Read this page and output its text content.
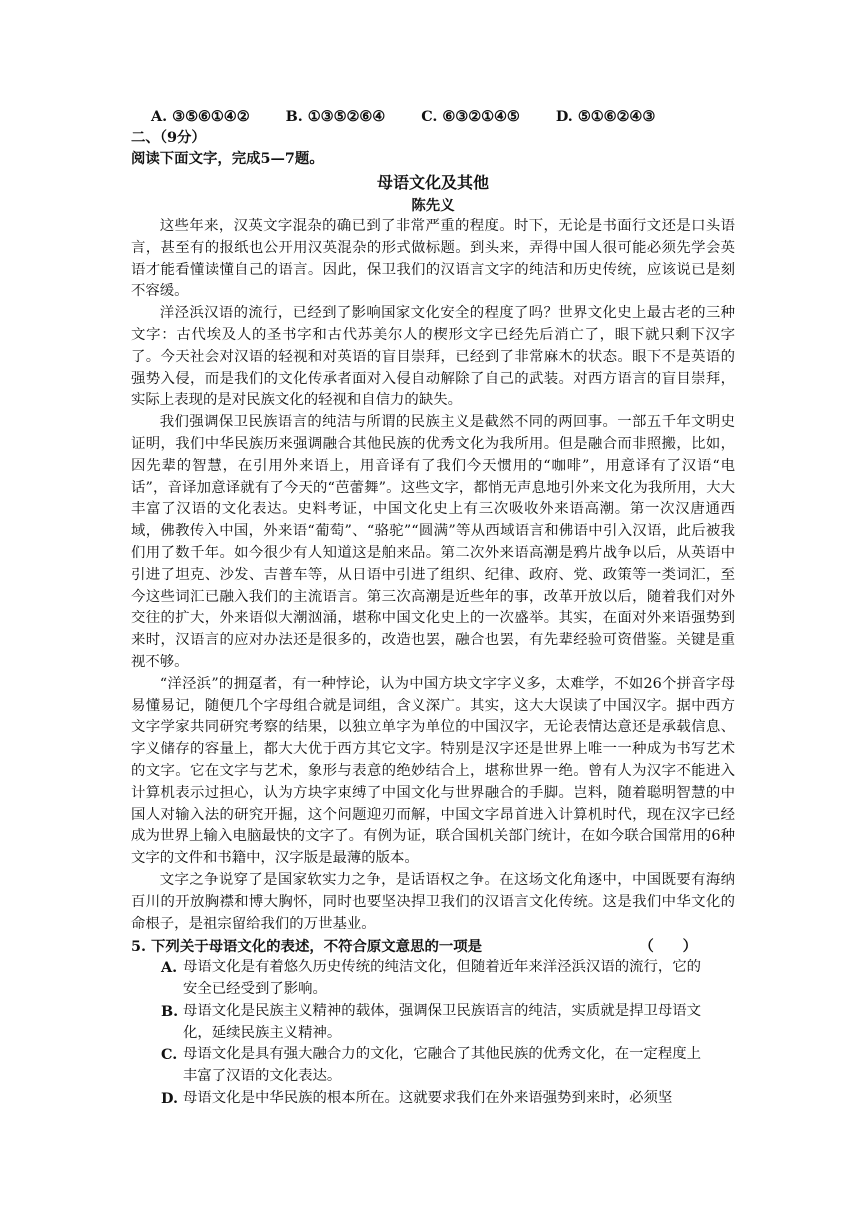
A. ③⑤⑥①④②	B. ①③⑤②⑥④	C. ⑥③②①④⑤	D. ⑤①⑥②④③
二、（9分）
阅读下面文字，完成5—7题。
母语文化及其他
陈先义

这些年来，汉英文字混杂的确已到了非常严重的程度。时下，无论是书面行文还是口头语言，甚至有的报纸也公开用汉英混杂的形式做标题。到头来，弄得中国人很可能必须先学会英语才能看懂读懂自己的语言。因此，保卫我们的汉语言文字的纯洁和历史传统，应该说已是刻不容缓。

洋泾浜汉语的流行，已经到了影响国家文化安全的程度了吗？世界文化史上最古老的三种文字：古代埃及人的圣书字和古代苏美尔人的楔形文字已经先后消亡了，眼下就只剩下汉字了。今天社会对汉语的轻视和对英语的盲目崇拜，已经到了非常麻木的状态。眼下不是英语的强势入侵，而是我们的文化传承者面对入侵自动解除了自己的武装。对西方语言的盲目崇拜，实际上表现的是对民族文化的轻视和自信力的缺失。

我们强调保卫民族语言的纯洁与所谓的民族主义是截然不同的两回事。一部五千年文明史证明，我们中华民族历来强调融合其他民族的优秀文化为我所用。但是融合而非照搬，比如，因先辈的智慧，在引用外来语上，用音译有了我们今天惯用的“咖啡”，用意译有了汉语“电话”，音译加意译就有了今天的“芭蕾舞”。这些文字，都悄无声息地引外来文化为我所用，大大丰富了汉语的文化表达。史料考证，中国文化史上有三次吸收外来语高潮。第一次汉唐通西域，佛教传入中国，外来语“葡萄”、“骆驼”“圆满”等从西域语言和佛语中引入汉语，此后被我们用了数千年。如今很少有人知道这是舶来品。第二次外来语高潮是鸦片战争以后，从英语中引进了坦克、沙发、吉普车等，从日语中引进了组织、纪律、政府、党、政策等一类词汇，至今这些词汇已融入我们的主流语言。第三次高潮是近些年的事，改革开放以后，随着我们对外交往的扩大，外来语似大潮汹涌，堪称中国文化史上的一次盛举。其实，在面对外来语强势到来时，汉语言的应对办法还是很多的，改造也罢，融合也罢，有先辈经验可资借鉴。关键是重视不够。

“洋泾浜”的拥趸者，有一种悖论，认为中国方块文字字义多，太难学，不如26个拼音字母易懂易记，随便几个字母组合就是词组，含义深广。其实，这大大误读了中国汉字。据中西方文字学家共同研究考察的结果，以独立单字为单位的中国汉字，无论表情达意还是承载信息、字义储存的容量上，都大大优于西方其它文字。特别是汉字还是世界上唯一一种成为书写艺术的文字。它在文字与艺术，象形与表意的绝妙结合上，堪称世界一绝。曾有人为汉字不能进入计算机表示过担心，认为方块字束缚了中国文化与世界融合的手脚。岂料，随着聪明智慧的中国人对输入法的研究开掘，这个问题迎刃而解，中国文字昂首进入计算机时代，现在汉字已经成为世界上输入电脑最快的文字了。有例为证，联合国机关部门统计，在如今联合国常用的6种文字的文件和书籍中，汉字版是最薄的版本。

文字之争说穿了是国家软实力之争，是话语权之争。在这场文化角逐中，中国既要有海纳百川的开放胸襟和博大胸怀，同时也要坚决捍卫我们的汉语言文化传统。这是我们中华文化的命根子，是祖宗留给我们的万世基业。

5. 下列关于母语文化的表述，不符合原文意思的一项是	（　　）
A. 母语文化是有着悠久历史传统的纯洁文化，但随着近年来洋泾浜汉语的流行，它的安全已经受到了影响。
B. 母语文化是民族主义精神的载体，强调保卫民族语言的纯洁，实质就是捍卫母语文化，延续民族主义精神。
C. 母语文化是具有强大融合力的文化，它融合了其他民族的优秀文化，在一定程度上丰富了汉语的文化表达。
D. 母语文化是中华民族的根本所在。这就要求我们在外来语强势到来时，必须坚
